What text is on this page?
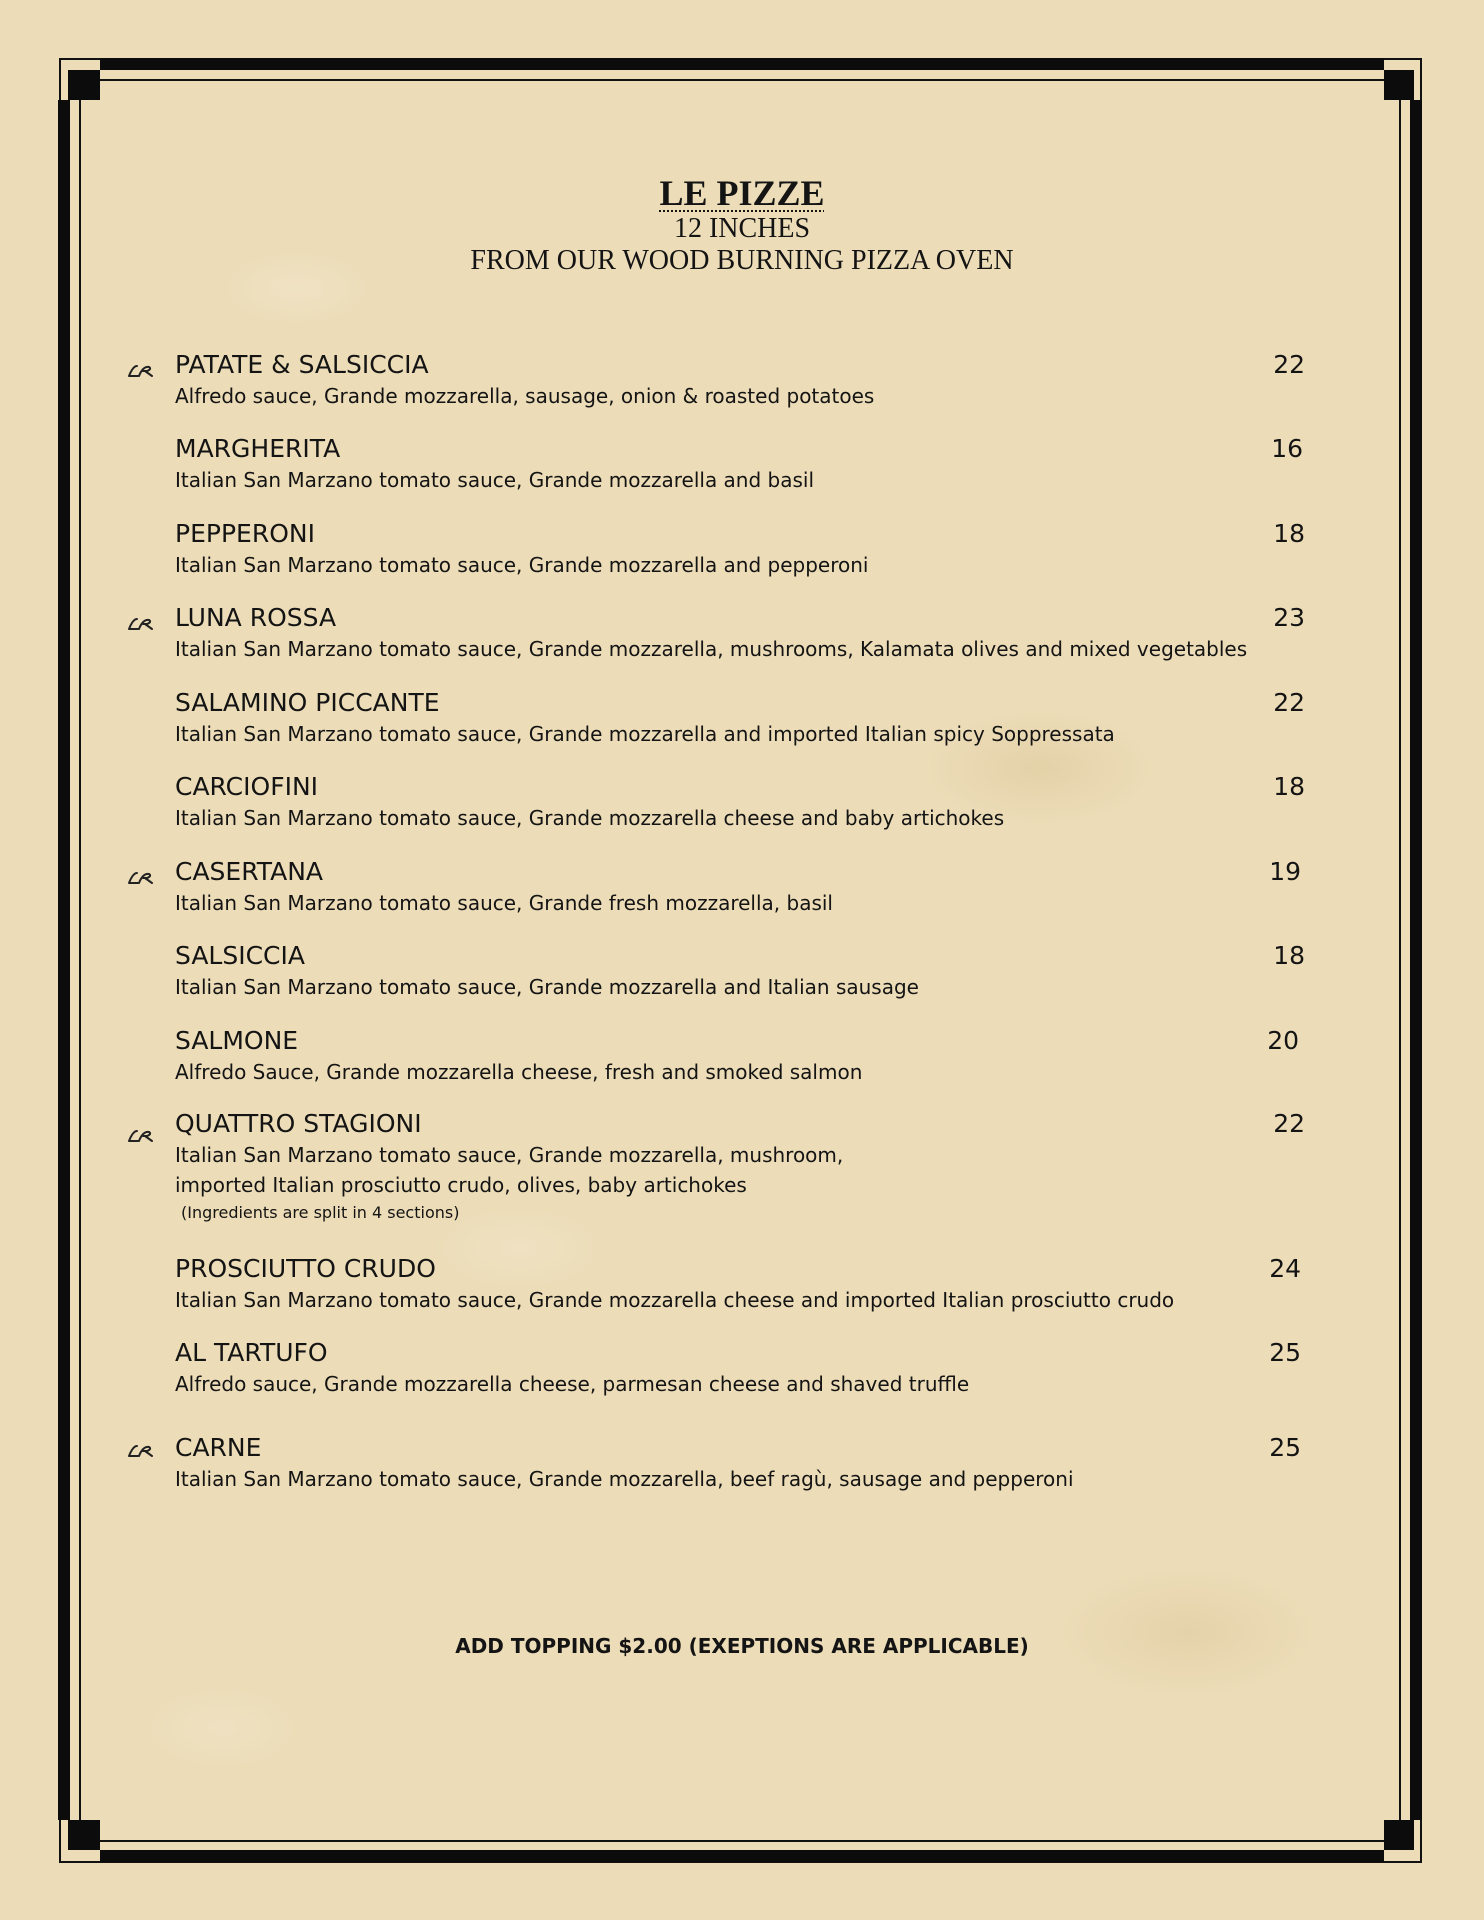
LE PIZZE
12 INCHES
FROM OUR WOOD BURNING PIZZA OVEN
PATATE & SALSICCIA
Alfredo sauce, Grande mozzarella, sausage, onion & roasted potatoes
22
MARGHERITA
Italian San Marzano tomato sauce, Grande mozzarella and basil
16
PEPPERONI
Italian San Marzano tomato sauce, Grande mozzarella and pepperoni
18
LUNA ROSSA
Italian San Marzano tomato sauce, Grande mozzarella, mushrooms, Kalamata olives and mixed vegetables
23
SALAMINO PICCANTE
Italian San Marzano tomato sauce, Grande mozzarella and imported Italian spicy Soppressata
22
CARCIOFINI
Italian San Marzano tomato sauce, Grande mozzarella cheese and baby artichokes
18
CASERTANA
Italian San Marzano tomato sauce, Grande fresh mozzarella, basil
19
SALSICCIA
Italian San Marzano tomato sauce, Grande mozzarella and Italian sausage
18
SALMONE
Alfredo Sauce, Grande mozzarella cheese, fresh and smoked salmon
20
QUATTRO STAGIONI
Italian San Marzano tomato sauce, Grande mozzarella, mushroom,
imported Italian prosciutto crudo, olives, baby artichokes
(Ingredients are split in 4 sections)
22
PROSCIUTTO CRUDO
Italian San Marzano tomato sauce, Grande mozzarella cheese and imported Italian prosciutto crudo
24
AL TARTUFO
Alfredo sauce, Grande mozzarella cheese, parmesan cheese and shaved truffle
25
CARNE
Italian San Marzano tomato sauce, Grande mozzarella, beef ragù, sausage and pepperoni
25
ADD TOPPING $2.00 (EXEPTIONS ARE APPLICABLE)
